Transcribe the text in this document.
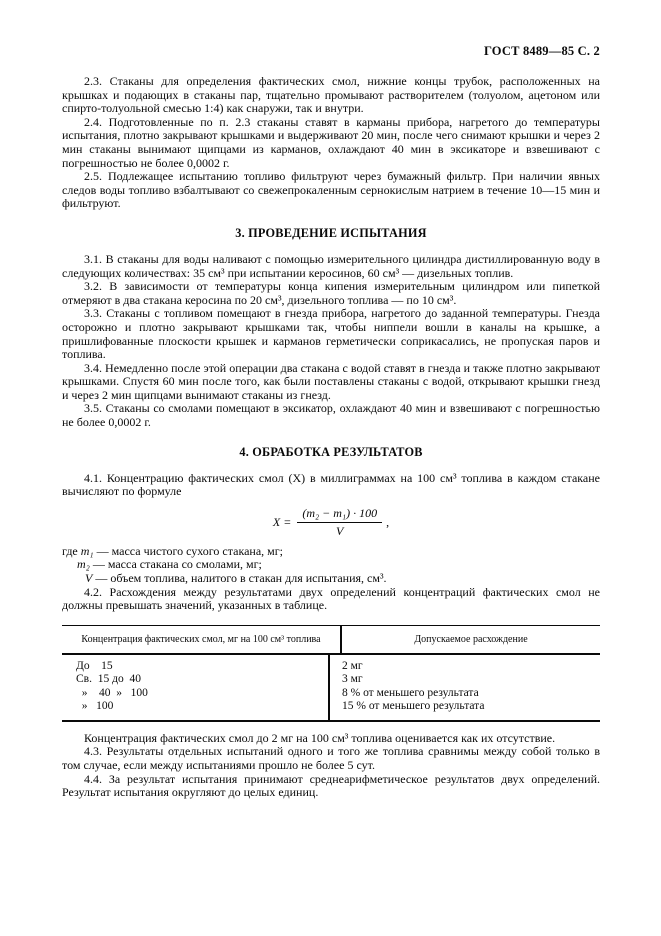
ГОСТ 8489—85 С. 2

2.3. Стаканы для определения фактических смол, нижние концы трубок, расположенных на крышках и подающих в стаканы пар, тщательно промывают растворителем (толуолом, ацетоном или спирто-толуольной смесью 1:4) как снаружи, так и внутри.

2.4. Подготовленные по п. 2.3 стаканы ставят в карманы прибора, нагретого до температуры испытания, плотно закрывают крышками и выдерживают 20 мин, после чего снимают крышки и через 2 мин стаканы вынимают щипцами из карманов, охлаждают 40 мин в эксикаторе и взвешивают с погрешностью не более 0,0002 г.

2.5. Подлежащее испытанию топливо фильтруют через бумажный фильтр. При наличии явных следов воды топливо взбалтывают со свежепрокаленным сернокислым натрием в течение 10—15 мин и фильтруют.

3. ПРОВЕДЕНИЕ ИСПЫТАНИЯ

3.1. В стаканы для воды наливают с помощью измерительного цилиндра дистиллированную воду в следующих количествах: 35 см³ при испытании керосинов, 60 см³ — дизельных топлив.

3.2. В зависимости от температуры конца кипения измерительным цилиндром или пипеткой отмеряют в два стакана керосина по 20 см³, дизельного топлива — по 10 см³.

3.3. Стаканы с топливом помещают в гнезда прибора, нагретого до заданной температуры. Гнезда осторожно и плотно закрывают крышками так, чтобы ниппели вошли в каналы на крышке, а пришлифованные плоскости крышек и карманов герметически соприкасались, не пропуская паров и топлива.

3.4. Немедленно после этой операции два стакана с водой ставят в гнезда и также плотно закрывают крышками. Спустя 60 мин после того, как были поставлены стаканы с водой, открывают крышки гнезд и через 2 мин щипцами вынимают стаканы из гнезд.

3.5. Стаканы со смолами помещают в эксикатор, охлаждают 40 мин и взвешивают с погрешностью не более 0,0002 г.

4. ОБРАБОТКА РЕЗУЛЬТАТОВ

4.1. Концентрацию фактических смол (X) в миллиграммах на 100 см³ топлива в каждом стакане вычисляют по формуле

$X = \frac{\text{(m₂ − m₁) · 100}}{V}$ ,

где m₁ — масса чистого сухого стакана, мг;

m₂ — масса стакана со смолами, мг;

V — объем топлива, налитого в стакан для испытания, см³.

4.2. Расхождения между результатами двух определений концентраций фактических смол не должны превышать значений, указанных в таблице.

Концентрация фактических смол, мг на 100 см³ топлива	Допускаемое расхождение
До    15
Св.  15 до  40
»    40  »   100
»   100
2 мг
3 мг
8 % от меньшего результата
15 % от меньшего результата

Концентрация фактических смол до 2 мг на 100 см³ топлива оценивается как их отсутствие.

4.3. Результаты отдельных испытаний одного и того же топлива сравнимы между собой только в том случае, если между испытаниями прошло не более 5 сут.

4.4. За результат испытания принимают среднеарифметическое результатов двух определений. Результат испытания округляют до целых единиц.
